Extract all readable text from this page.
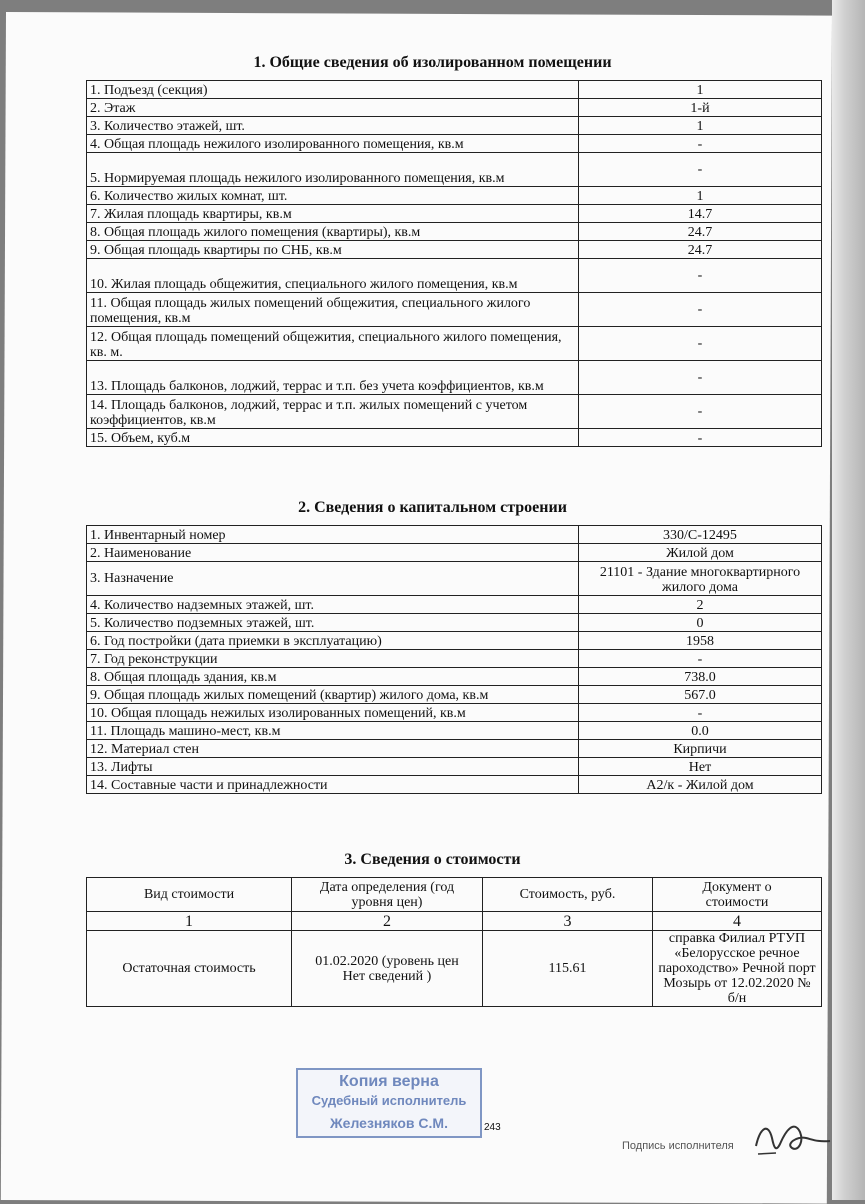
1. Общие сведения об изолированном помещении
1. Подъезд (секция)	1
2. Этаж	1-й
3. Количество этажей, шт.	1
4. Общая площадь нежилого изолированного помещения, кв.м	-
5. Нормируемая площадь нежилого изолированного помещения, кв.м	-
6. Количество жилых комнат, шт.	1
7. Жилая площадь квартиры, кв.м	14.7
8. Общая площадь жилого помещения (квартиры), кв.м	24.7
9. Общая площадь квартиры по СНБ, кв.м	24.7
10. Жилая площадь общежития, специального жилого помещения, кв.м	-
11. Общая площадь жилых помещений общежития, специального жилого помещения, кв.м	-
12. Общая площадь помещений общежития, специального жилого помещения, кв. м.	-
13. Площадь балконов, лоджий, террас и т.п. без учета коэффициентов, кв.м	-
14. Площадь балконов, лоджий, террас и т.п. жилых помещений с учетом коэффициентов, кв.м	-
15. Объем, куб.м	-
2. Сведения о капитальном строении
1. Инвентарный номер	330/С-12495
2. Наименование	Жилой дом
3. Назначение	21101 - Здание многоквартирного жилого дома
4. Количество надземных этажей, шт.	2
5. Количество подземных этажей, шт.	0
6. Год постройки (дата приемки в эксплуатацию)	1958
7. Год реконструкции	-
8. Общая площадь здания, кв.м	738.0
9. Общая площадь жилых помещений (квартир) жилого дома, кв.м	567.0
10. Общая площадь нежилых изолированных помещений, кв.м	-
11. Площадь машино-мест, кв.м	0.0
12. Материал стен	Кирпичи
13. Лифты	Нет
14. Составные части и принадлежности	А2/к - Жилой дом
3. Сведения о стоимости
Вид стоимости	Дата определения (год уровня цен)	Стоимость, руб.	Документ о стоимости
1	2	3	4
Остаточная стоимость	01.02.2020 (уровень цен Нет сведений )	115.61	справка Филиал РТУП «Белорусское речное пароходство» Речной порт Мозырь от 12.02.2020 № б/н
Копия верна
Судебный исполнитель
Железняков С.М.	243
Подпись исполнителя
